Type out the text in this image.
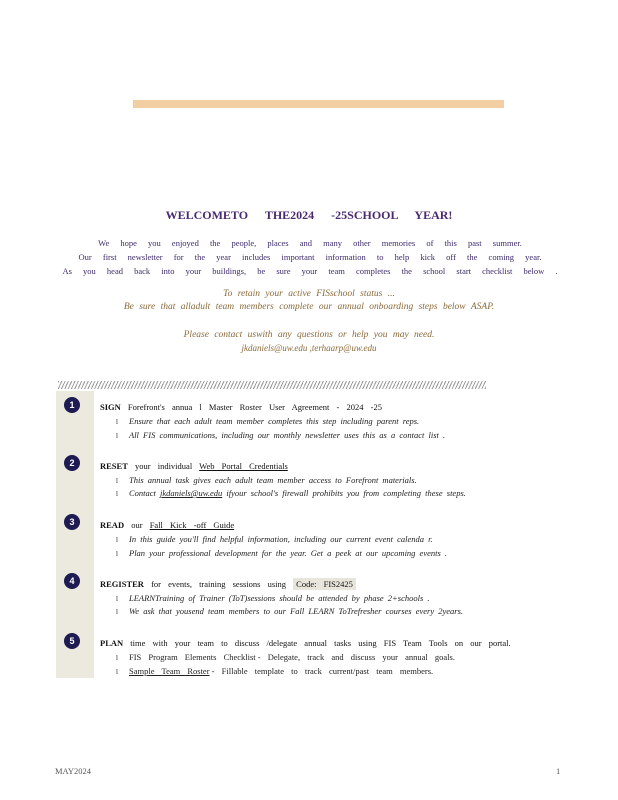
WELCOMETO THE2024 -25SCHOOL YEAR!
We hope you enjoyed the people, places and many other memories of this past summer.
Our first newsletter for the year includes important information to help kick off the coming year.
As you head back into your buildings, be sure your team completes the school start checklist below .
To retain your active FISschool status ...
Be sure that alladult team members complete our annual onboarding steps below ASAP.
Please contact uswith any questions or help you may need.
jkdaniels@uw.edu ,terhaarp@uw.edu
1	SIGN Forefront's annua l Master Roster User Agreement - 2024 -25
l Ensure that each adult team member completes this step including parent reps.
l All FIS communications, including our monthly newsletter uses this as a contact list .
2	RESET your individual Web Portal Credentials
l This annual task gives each adult team member access to Forefront materials.
l Contact jkdaniels@uw.edu ifyour school's firewall prohibits you from completing these steps.
3	READ our Fall Kick -off Guide
l In this guide you'll find helpful information, including our current event calenda r.
l Plan your professional development for the year. Get a peek at our upcoming events .
4	REGISTER for events, training sessions using Code: FIS2425
l LEARNTraining of Trainer (ToT)sessions should be attended by phase 2+schools .
l We ask that yousend team members to our Fall LEARN ToTrefresher courses every 2years.
5	PLAN time with your team to discuss /delegate annual tasks using FIS Team Tools on our portal.
l FIS Program Elements Checklist - Delegate, track and discuss your annual goals.
l Sample Team Roster - Fillable template to track current/past team members.
MAY2024	1
